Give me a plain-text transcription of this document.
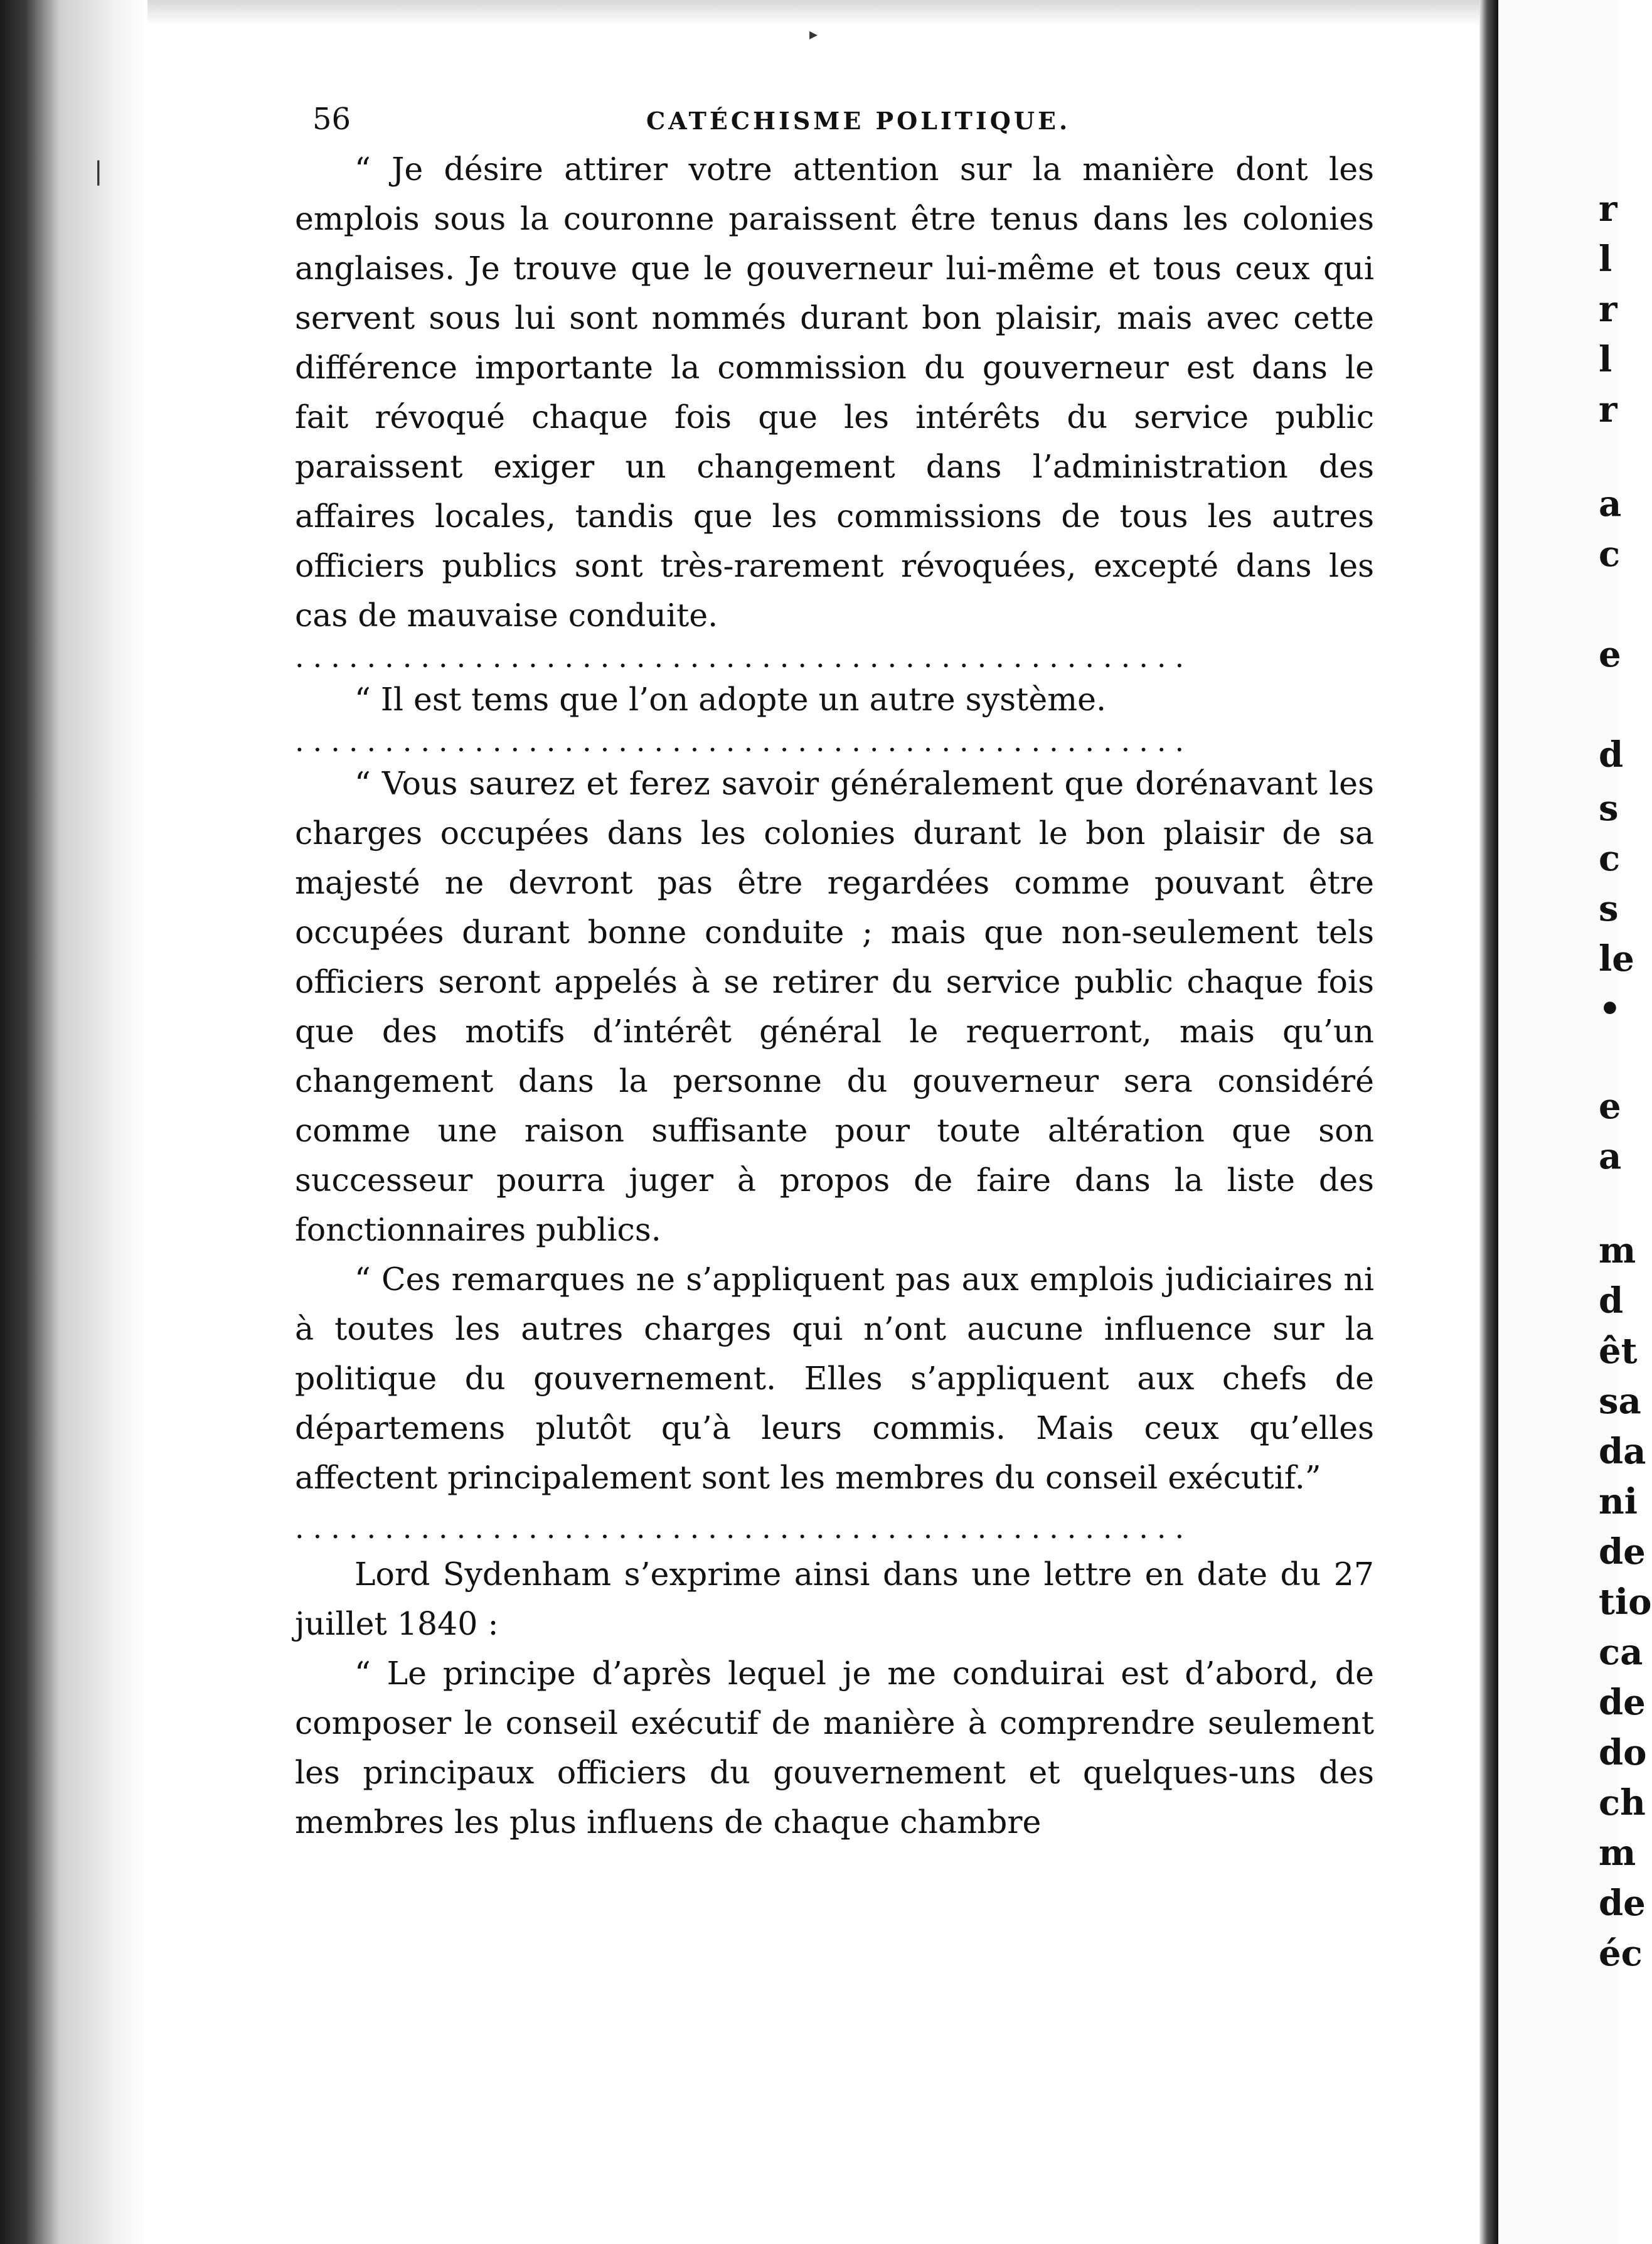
▸
|
56	CATÉCHISME POLITIQUE.

“ Je désire attirer votre attention sur la manière dont les emplois sous la couronne paraissent être tenus dans les colonies anglaises. Je trouve que le gouverneur lui-même et tous ceux qui servent sous lui sont nommés durant bon plaisir, mais avec cette différence importante la commission du gouverneur est dans le fait révoqué chaque fois que les intérêts du service public paraissent exiger un changement dans l’administration des affaires locales, tandis que les commissions de tous les autres officiers publics sont très-rarement révoquées, excepté dans les cas de mauvaise conduite.

..................................................

“ Il est tems que l’on adopte un autre système.

..................................................

“ Vous saurez et ferez savoir généralement que dorénavant les charges occupées dans les colonies durant le bon plaisir de sa majesté ne devront pas être regardées comme pouvant être occupées durant bonne conduite ; mais que non-seulement tels officiers seront appelés à se retirer du service public chaque fois que des motifs d’intérêt général le requerront, mais qu’un changement dans la personne du gouverneur sera considéré comme une raison suffisante pour toute altération que son successeur pourra juger à propos de faire dans la liste des fonctionnaires publics.

“ Ces remarques ne s’appliquent pas aux emplois judiciaires ni à toutes les autres charges qui n’ont aucune influence sur la politique du gouvernement. Elles s’appliquent aux chefs de départemens plutôt qu’à leurs commis. Mais ceux qu’elles affectent principalement sont les membres du conseil exécutif.”

..................................................

Lord Sydenham s’exprime ainsi dans une lettre en date du 27 juillet 1840 :

“ Le principe d’après lequel je me conduirai est d’abord, de composer le conseil exécutif de manière à comprendre seulement les principaux officiers du gouvernement et quelques-uns des membres les plus influens de chaque chambre

r
l
r
l
r
a
c
e
d
s
c
s
le
•
e
a
m
d
êt
sa
da
ni
de
tio
ca
de
do
ch
m
de
éc
